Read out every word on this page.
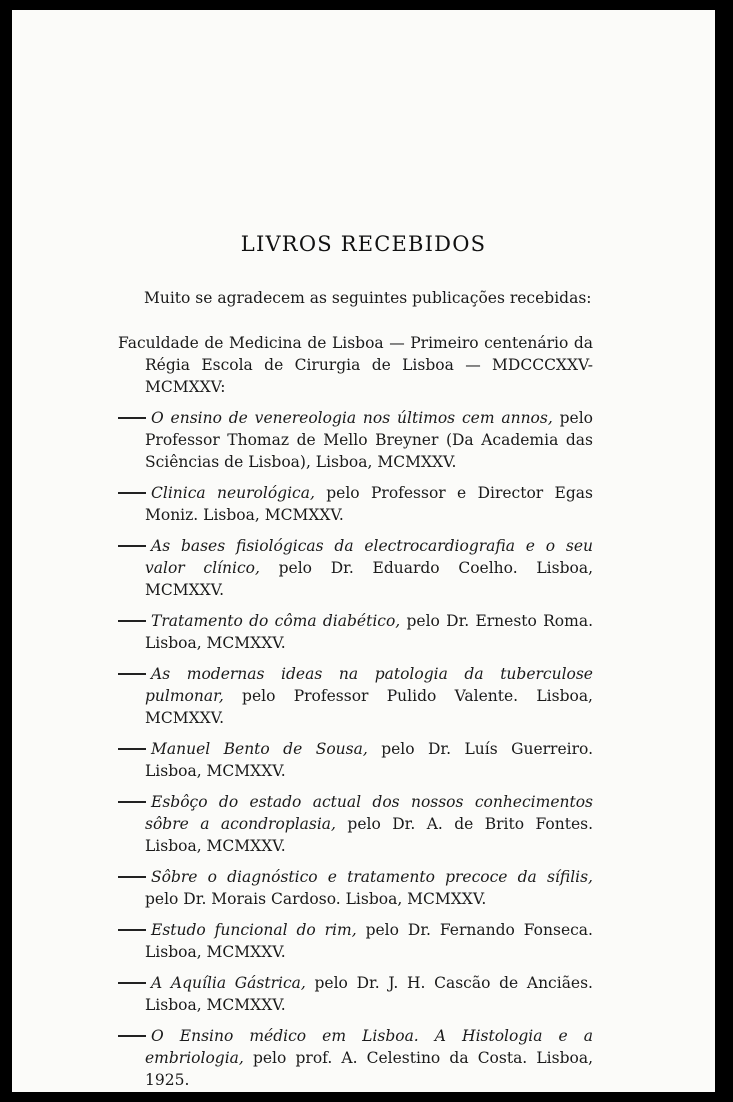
LIVROS RECEBIDOS
Muito se agradecem as seguintes publicações recebidas:

Faculdade de Medicina de Lisboa — Primeiro centenário da Régia Escola de Cirurgia de Lisboa — MDCCCXXV-MCMXXV:

O ensino de venereologia nos últimos cem annos, pelo Professor Thomaz de Mello Breyner (Da Academia das Sciências de Lisboa), Lisboa, MCMXXV.

Clinica neurológica, pelo Professor e Director Egas Moniz. Lisboa, MCMXXV.

As bases fisiológicas da electrocardiografia e o seu valor clínico, pelo Dr. Eduardo Coelho. Lisboa, MCMXXV.

Tratamento do côma diabético, pelo Dr. Ernesto Roma. Lisboa, MCMXXV.

As modernas ideas na patologia da tuberculose pulmonar, pelo Professor Pulido Valente. Lisboa, MCMXXV.

Manuel Bento de Sousa, pelo Dr. Luís Guerreiro. Lisboa, MCMXXV.

Esbôço do estado actual dos nossos conhecimentos sôbre a acondroplasia, pelo Dr. A. de Brito Fontes. Lisboa, MCMXXV.

Sôbre o diagnóstico e tratamento precoce da sífilis, pelo Dr. Morais Cardoso. Lisboa, MCMXXV.

Estudo funcional do rim, pelo Dr. Fernando Fonseca. Lisboa, MCMXXV.

A Aquília Gástrica, pelo Dr. J. H. Cascão de Anciães. Lisboa, MCMXXV.

O Ensino médico em Lisboa. A Histologia e a embriologia, pelo prof. A. Celestino da Costa. Lisboa, 1925.
